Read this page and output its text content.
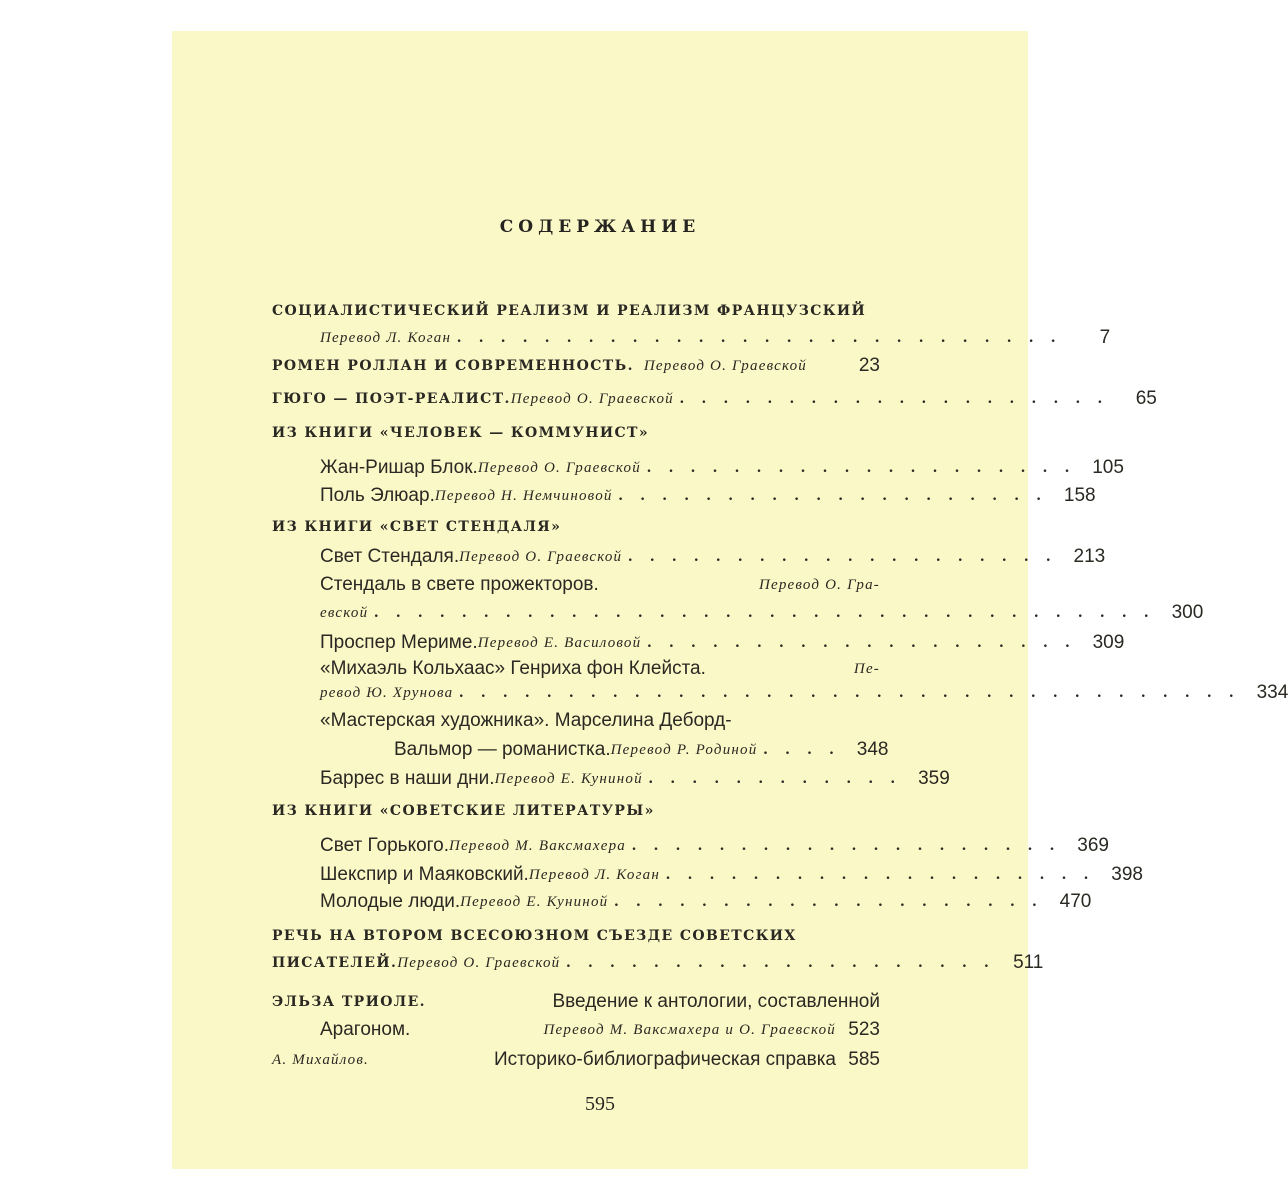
СОДЕРЖАНИЕ
СОЦИАЛИСТИЧЕСКИЙ РЕАЛИЗМ И РЕАЛИЗМ ФРАНЦУЗСКИЙ
Перевод Л. Коган . . . . . . . . . . . . . . . . . . . . . . . . . . . .	7
РОМЕН РОЛЛАН И СОВРЕМЕННОСТЬ. Перевод О. Граевской	23
ГЮГО — ПОЭТ-РЕАЛИСТ. Перевод О. Граевской . . . . . . . . . . . . . . . . . . . .	65
ИЗ КНИГИ «ЧЕЛОВЕК — КОММУНИСТ»
Жан-Ришар Блок. Перевод О. Граевской . . . . . . . . . . . . . . . . . . . . 105
Поль Элюар. Перевод Н. Немчиновой . . . . . . . . . . . . . . . . . . . . 158
ИЗ КНИГИ «СВЕТ СТЕНДАЛЯ»
Свет Стендаля. Перевод О. Граевской . . . . . . . . . . . . . . . . . . . . 213
Стендаль в свете прожекторов.	Перевод О. Гра-
евской . . . . . . . . . . . . . . . . . . . . . . . . . . . . . . . . . . . . 300
Проспер Мериме. Перевод Е. Василовой . . . . . . . . . . . . . . . . . . . . 309
«Михаэль Кольхаас» Генриха фон Клейста.	Пе-
ревод Ю. Хрунова . . . . . . . . . . . . . . . . . . . . . . . . . . . . . . . . . . . . 334
«Мастерская художника». Марселина Деборд-
Вальмор — романистка. Перевод Р. Родиной . . . . 348
Баррес в наши дни. Перевод Е. Куниной . . . . . . . . . . . . 359
ИЗ КНИГИ «СОВЕТСКИЕ ЛИТЕРАТУРЫ»
Свет Горького. Перевод М. Ваксмахера . . . . . . . . . . . . . . . . . . . . 369
Шекспир и Маяковский. Перевод Л. Коган . . . . . . . . . . . . . . . . . . . . 398
Молодые люди. Перевод Е. Куниной . . . . . . . . . . . . . . . . . . . . 470
РЕЧЬ НА ВТОРОМ ВСЕСОЮЗНОМ СЪЕЗДЕ СОВЕТСКИХ
ПИСАТЕЛЕЙ. Перевод О. Граевской . . . . . . . . . . . . . . . . . . . . 511
ЭЛЬЗА ТРИОЛЕ.	Введение к антологии, составленной
Арагоном.	Перевод М. Ваксмахера и О. Граевской 523
А. Михайлов.	Историко-библиографическая справка 585
595
